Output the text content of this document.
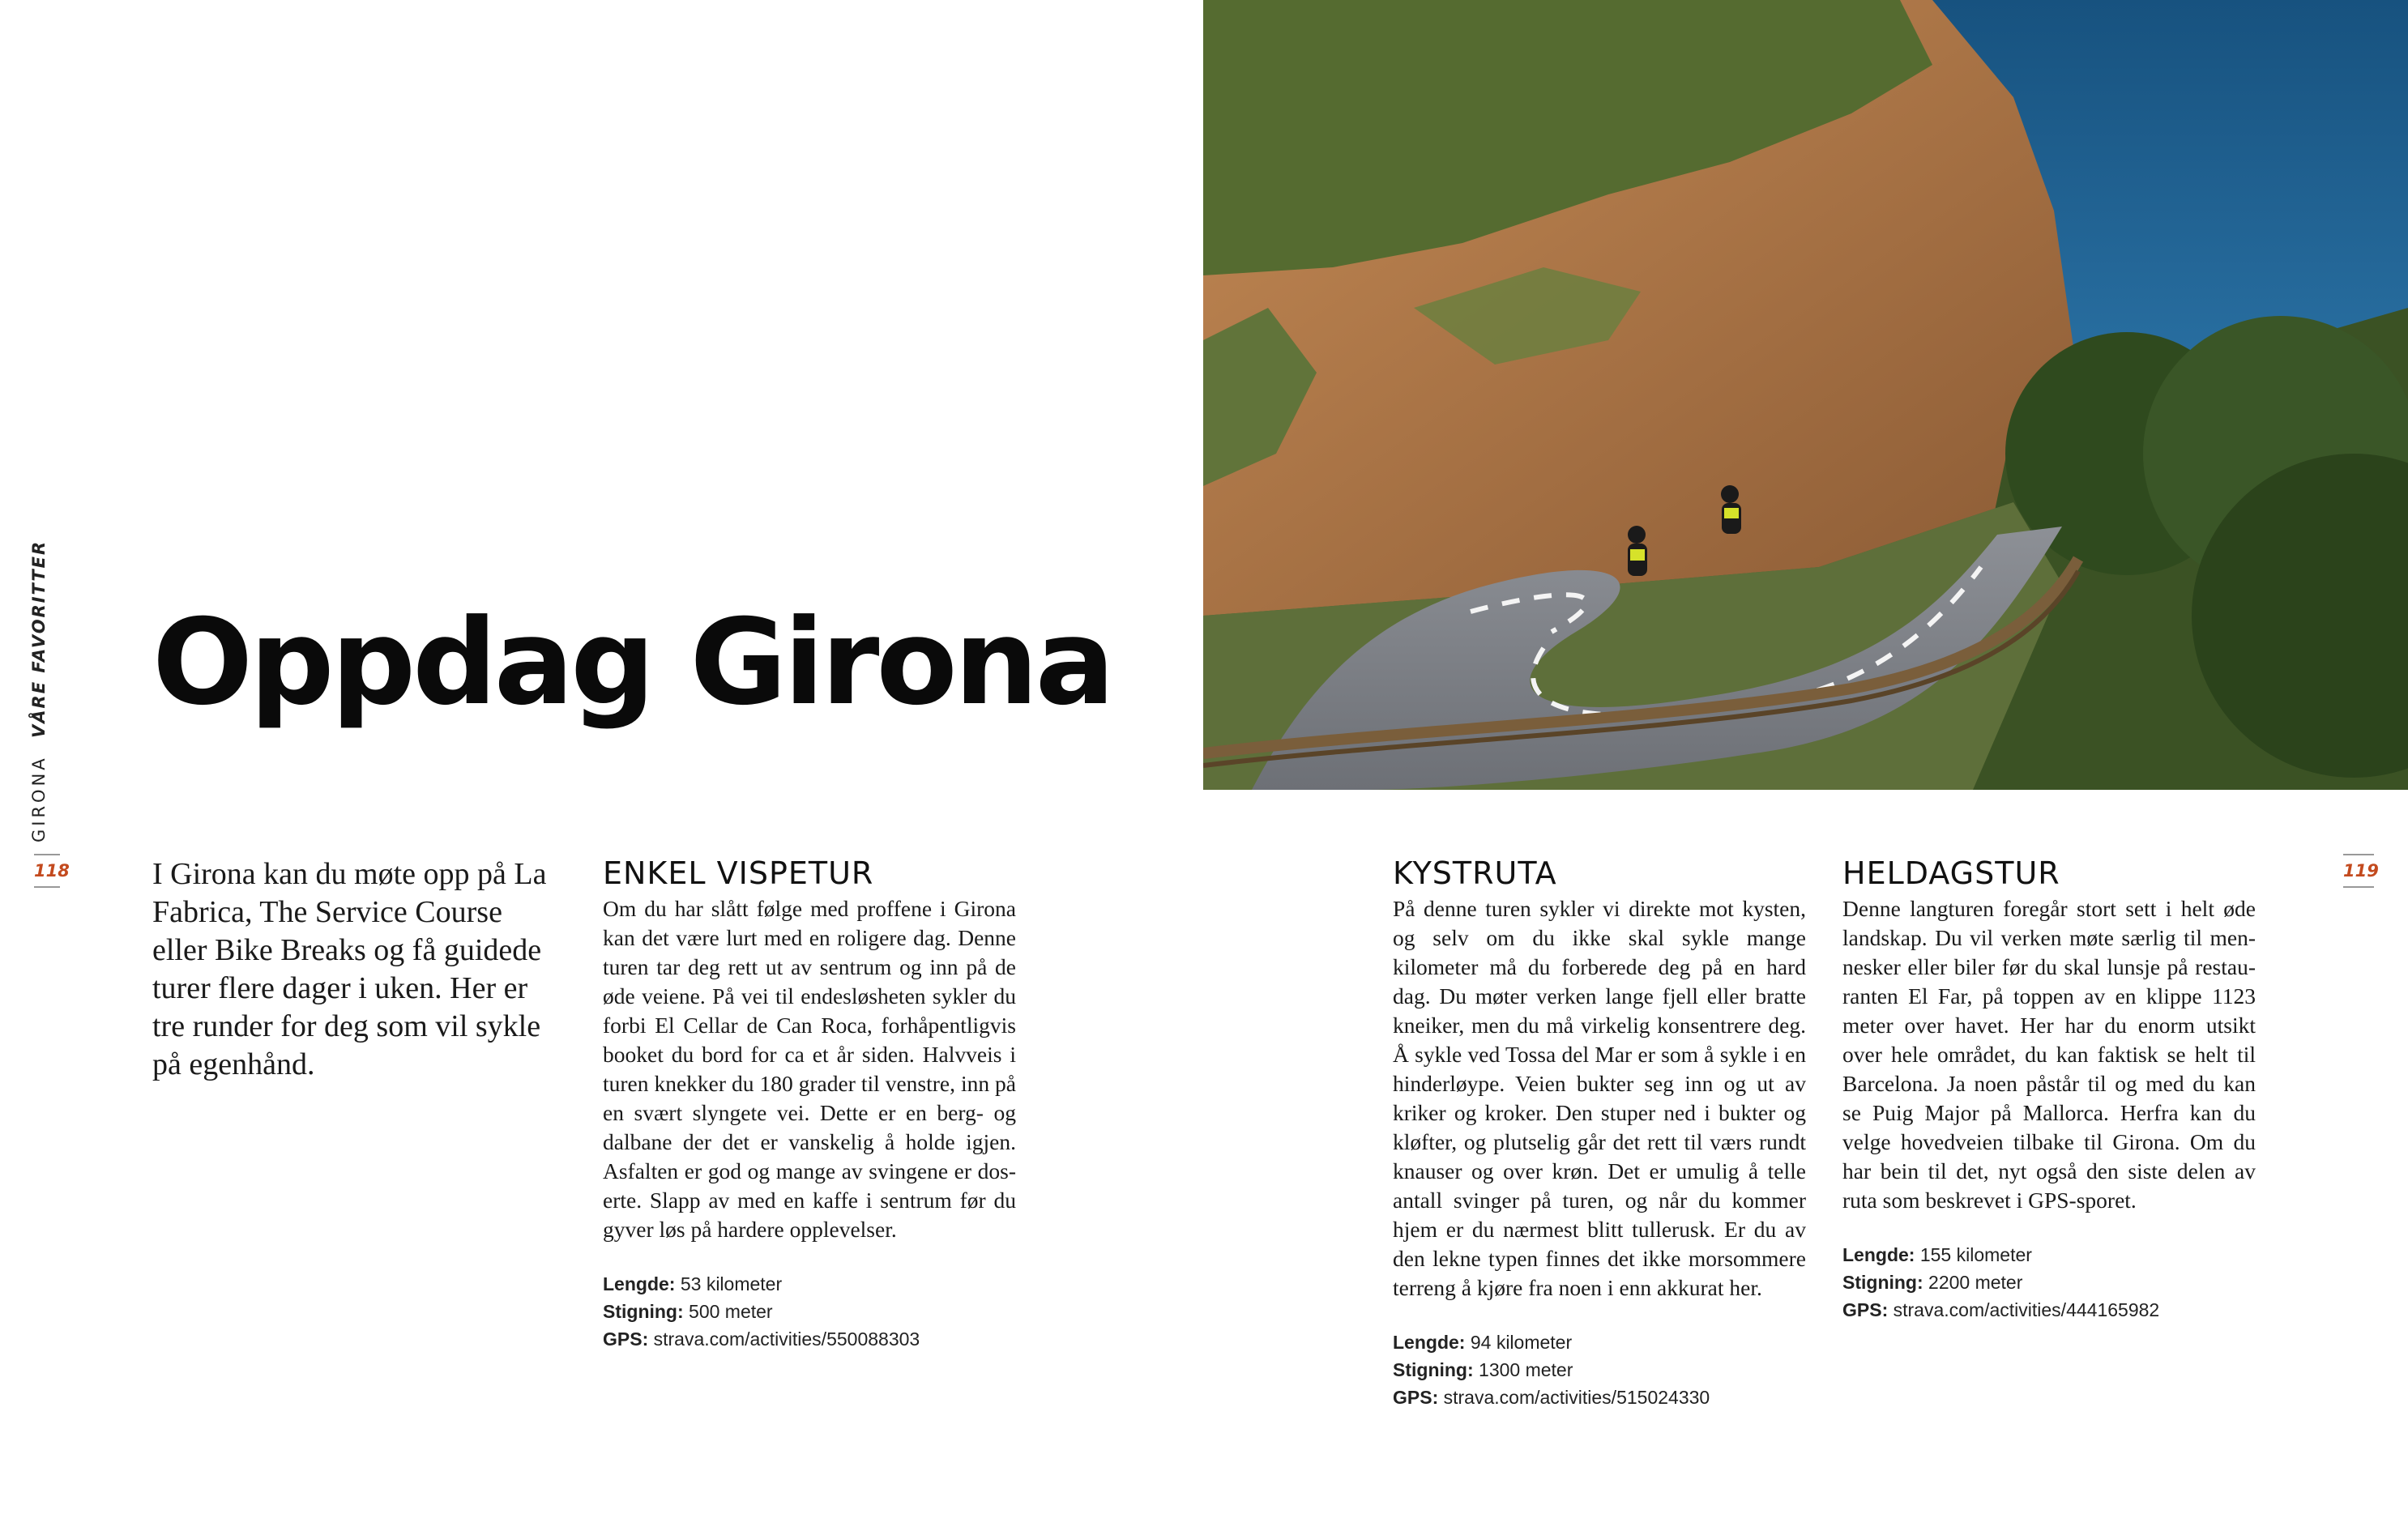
GIRONA  VÅRE FAVORITTER
118	119
Oppdag Girona

I Girona kan du møte opp på La Fabrica, The Service Course eller Bike Breaks og få guidede turer flere dager i uken. Her er tre runder for deg som vil sykle på egenhånd.

ENKEL VISPETUR

Om du har slått følge med proffene i Girona kan det være lurt med en roligere dag. Denne turen tar deg rett ut av sentrum og inn på de øde veiene. På vei til endesløsheten sykler du forbi El Cellar de Can Roca, forhåpentligvis booket du bord for ca et år siden. Halvveis i turen knekker du 180 grader til venstre, inn på en svært slyngete vei. Dette er en berg- og dalbane der det er vanskelig å holde igjen. Asfalten er god og mange av svingene er dos- erte. Slapp av med en kaffe i sentrum før du gyver løs på hardere opplevelser.

Lengde: 53 kilometer
Stigning: 500 meter
GPS: strava.com/activities/550088303
KYSTRUTA

På denne turen sykler vi direkte mot kysten, og selv om du ikke skal sykle mange kilometer må du forberede deg på en hard dag. Du møter verken lange fjell eller bratte kneiker, men du må virkelig konsentrere deg. Å sykle ved Tossa del Mar er som å sykle i en hinderløype. Veien bukter seg inn og ut av kriker og kroker. Den stuper ned i bukter og kløfter, og plutselig går det rett til værs rundt knauser og over krøn. Det er umulig å telle antall svinger på turen, og når du kommer hjem er du nærmest blitt tullerusk. Er du av den lekne typen finnes det ikke morsommere terreng å kjøre fra noen i enn akkurat her.

Lengde: 94 kilometer
Stigning: 1300 meter
GPS: strava.com/activities/515024330
HELDAGSTUR

Denne langturen foregår stort sett i helt øde landskap. Du vil verken møte særlig til men- nesker eller biler før du skal lunsje på restau- ranten El Far, på toppen av en klippe 1123 meter over havet. Her har du enorm utsikt over hele området, du kan faktisk se helt til Barcelona. Ja noen påstår til og med du kan se Puig Major på Mallorca. Herfra kan du velge hovedveien tilbake til Girona. Om du har bein til det, nyt også den siste delen av ruta som beskrevet i GPS-sporet.

Lengde: 155 kilometer
Stigning: 2200 meter
GPS: strava.com/activities/444165982
